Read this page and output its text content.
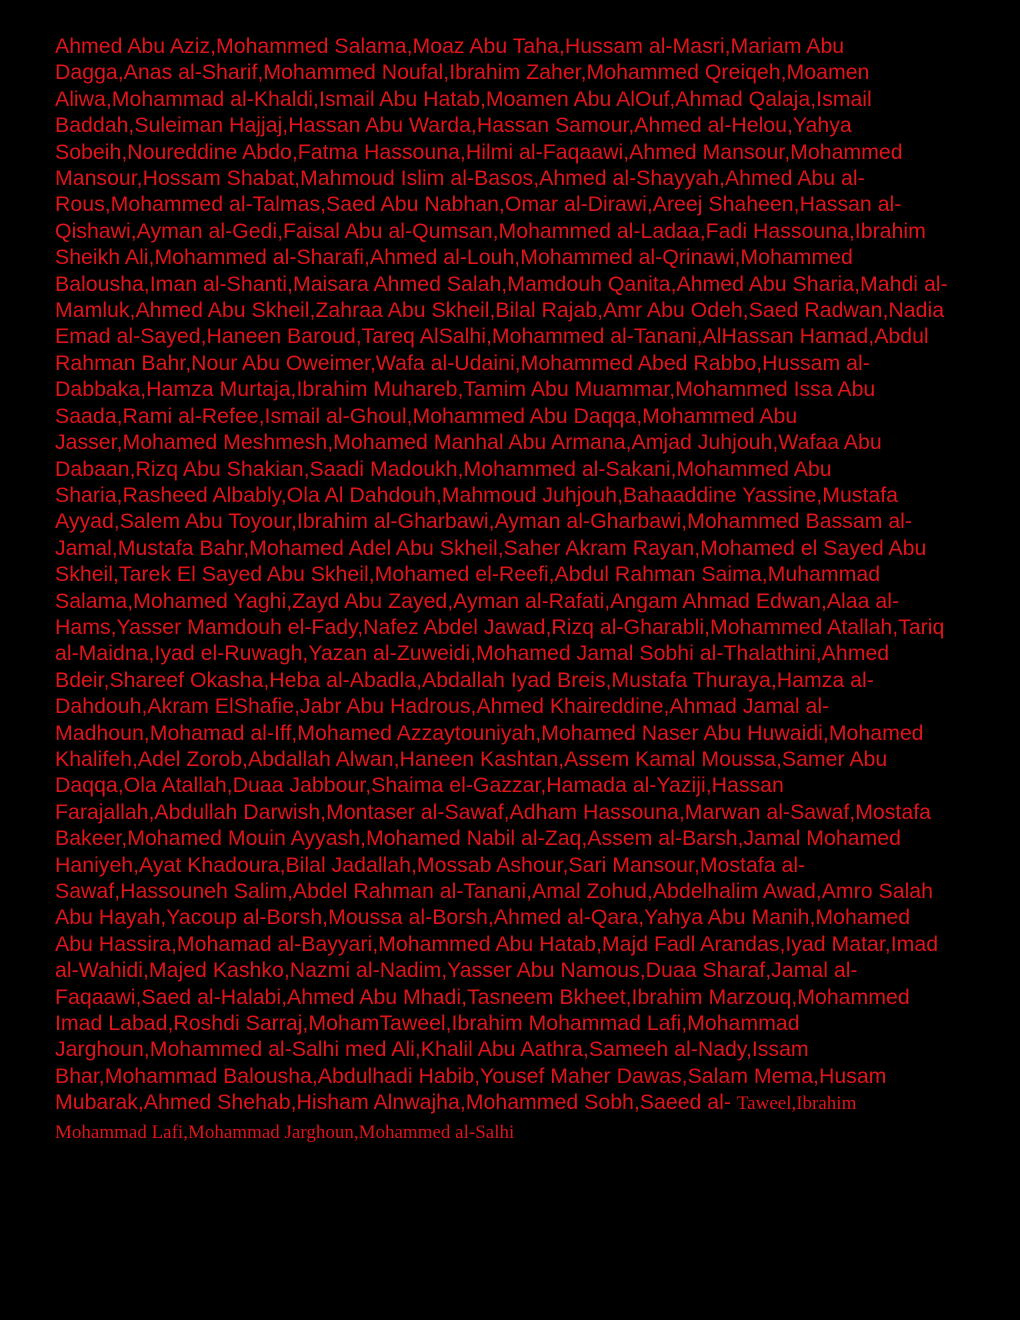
Ahmed Abu Aziz,Mohammed Salama,Moaz Abu Taha,Hussam al-Masri,Mariam Abu Dagga,Anas al-Sharif,Mohammed Noufal,Ibrahim Zaher,Mohammed Qreiqeh,Moamen Aliwa,Mohammad al-Khaldi,Ismail Abu Hatab,Moamen Abu AlOuf,Ahmad Qalaja,Ismail Baddah,Suleiman Hajjaj,Hassan Abu Warda,Hassan Samour,Ahmed al-Helou,Yahya Sobeih,Noureddine Abdo,Fatma Hassouna,Hilmi al-Faqaawi,Ahmed Mansour,Mohammed Mansour,Hossam Shabat,Mahmoud Islim al-Basos,Ahmed al-Shayyah,Ahmed Abu al-Rous,Mohammed al-Talmas,Saed Abu Nabhan,Omar al-Dirawi,Areej Shaheen,Hassan al-Qishawi,Ayman al-Gedi,Faisal Abu al-Qumsan,Mohammed al-Ladaa,Fadi Hassouna,Ibrahim Sheikh Ali,Mohammed al-Sharafi,Ahmed al-Louh,Mohammed al-Qrinawi,Mohammed Balousha,Iman al-Shanti,Maisara Ahmed Salah,Mamdouh Qanita,Ahmed Abu Sharia,Mahdi al-Mamluk,Ahmed Abu Skheil,Zahraa Abu Skheil,Bilal Rajab,Amr Abu Odeh,Saed Radwan,Nadia Emad al-Sayed,Haneen Baroud,Tareq AlSalhi,Mohammed al-Tanani,AlHassan Hamad,Abdul Rahman Bahr,Nour Abu Oweimer,Wafa al-Udaini,Mohammed Abed Rabbo,Hussam al-Dabbaka,Hamza Murtaja,Ibrahim Muhareb,Tamim Abu Muammar,Mohammed Issa Abu Saada,Rami al-Refee,Ismail al-Ghoul,Mohammed Abu Daqqa,Mohammed Abu Jasser,Mohamed Meshmesh,Mohamed Manhal Abu Armana,Amjad Juhjouh,Wafaa Abu Dabaan,Rizq Abu Shakian,Saadi Madoukh,Mohammed al-Sakani,Mohammed Abu Sharia,Rasheed Albably,Ola Al Dahdouh,Mahmoud Juhjouh,Bahaaddine Yassine,Mustafa Ayyad,Salem Abu Toyour,Ibrahim al-Gharbawi,Ayman al-Gharbawi,Mohammed Bassam al-Jamal,Mustafa Bahr,Mohamed Adel Abu Skheil,Saher Akram Rayan,Mohamed el Sayed Abu Skheil,Tarek El Sayed Abu Skheil,Mohamed el-Reefi,Abdul Rahman Saima,Muhammad Salama,Mohamed Yaghi,Zayd Abu Zayed,Ayman al-Rafati,Angam Ahmad Edwan,Alaa al-Hams,Yasser Mamdouh el-Fady,Nafez Abdel Jawad,Rizq al-Gharabli,Mohammed Atallah,Tariq al-Maidna,Iyad el-Ruwagh,Yazan al-Zuweidi,Mohamed Jamal Sobhi al-Thalathini,Ahmed Bdeir,Shareef Okasha,Heba al-Abadla,Abdallah Iyad Breis,Mustafa Thuraya,Hamza al-Dahdouh,Akram ElShafie,Jabr Abu Hadrous,Ahmed Khaireddine,Ahmad Jamal al-Madhoun,Mohamad al-Iff,Mohamed Azzaytouniyah,Mohamed Naser Abu Huwaidi,Mohamed Khalifeh,Adel Zorob,Abdallah Alwan,Haneen Kashtan,Assem Kamal Moussa,Samer Abu Daqqa,Ola Atallah,Duaa Jabbour,Shaima el-Gazzar,Hamada al-Yaziji,Hassan Farajallah,Abdullah Darwish,Montaser al-Sawaf,Adham Hassouna,Marwan al-Sawaf,Mostafa Bakeer,Mohamed Mouin Ayyash,Mohamed Nabil al-Zaq,Assem al-Barsh,Jamal Mohamed Haniyeh,Ayat Khadoura,Bilal Jadallah,Mossab Ashour,Sari Mansour,Mostafa al-Sawaf,Hassouneh Salim,Abdel Rahman al-Tanani,Amal Zohud,Abdelhalim Awad,Amro Salah Abu Hayah,Yacoup al-Borsh,Moussa al-Borsh,Ahmed al-Qara,Yahya Abu Manih,Mohamed Abu Hassira,Mohamad al-Bayyari,Mohammed Abu Hatab,Majd Fadl Arandas,Iyad Matar,Imad al-Wahidi,Majed Kashko,Nazmi al-Nadim,Yasser Abu Namous,Duaa Sharaf,Jamal al-Faqaawi,Saed al-Halabi,Ahmed Abu Mhadi,Tasneem Bkheet,Ibrahim Marzouq,Mohammed Imad Labad,Roshdi Sarraj,MohamTaweel,Ibrahim Mohammad Lafi,Mohammad Jarghoun,Mohammed al-Salhi med Ali,Khalil Abu Aathra,Sameeh al-Nady,Issam Bhar,Mohammad Balousha,Abdulhadi Habib,Yousef Maher Dawas,Salam Mema,Husam Mubarak,Ahmed Shehab,Hisham Alnwajha,Mohammed Sobh,Saeed al- Taweel,Ibrahim Mohammad Lafi,Mohammad Jarghoun,Mohammed al-Salhi
